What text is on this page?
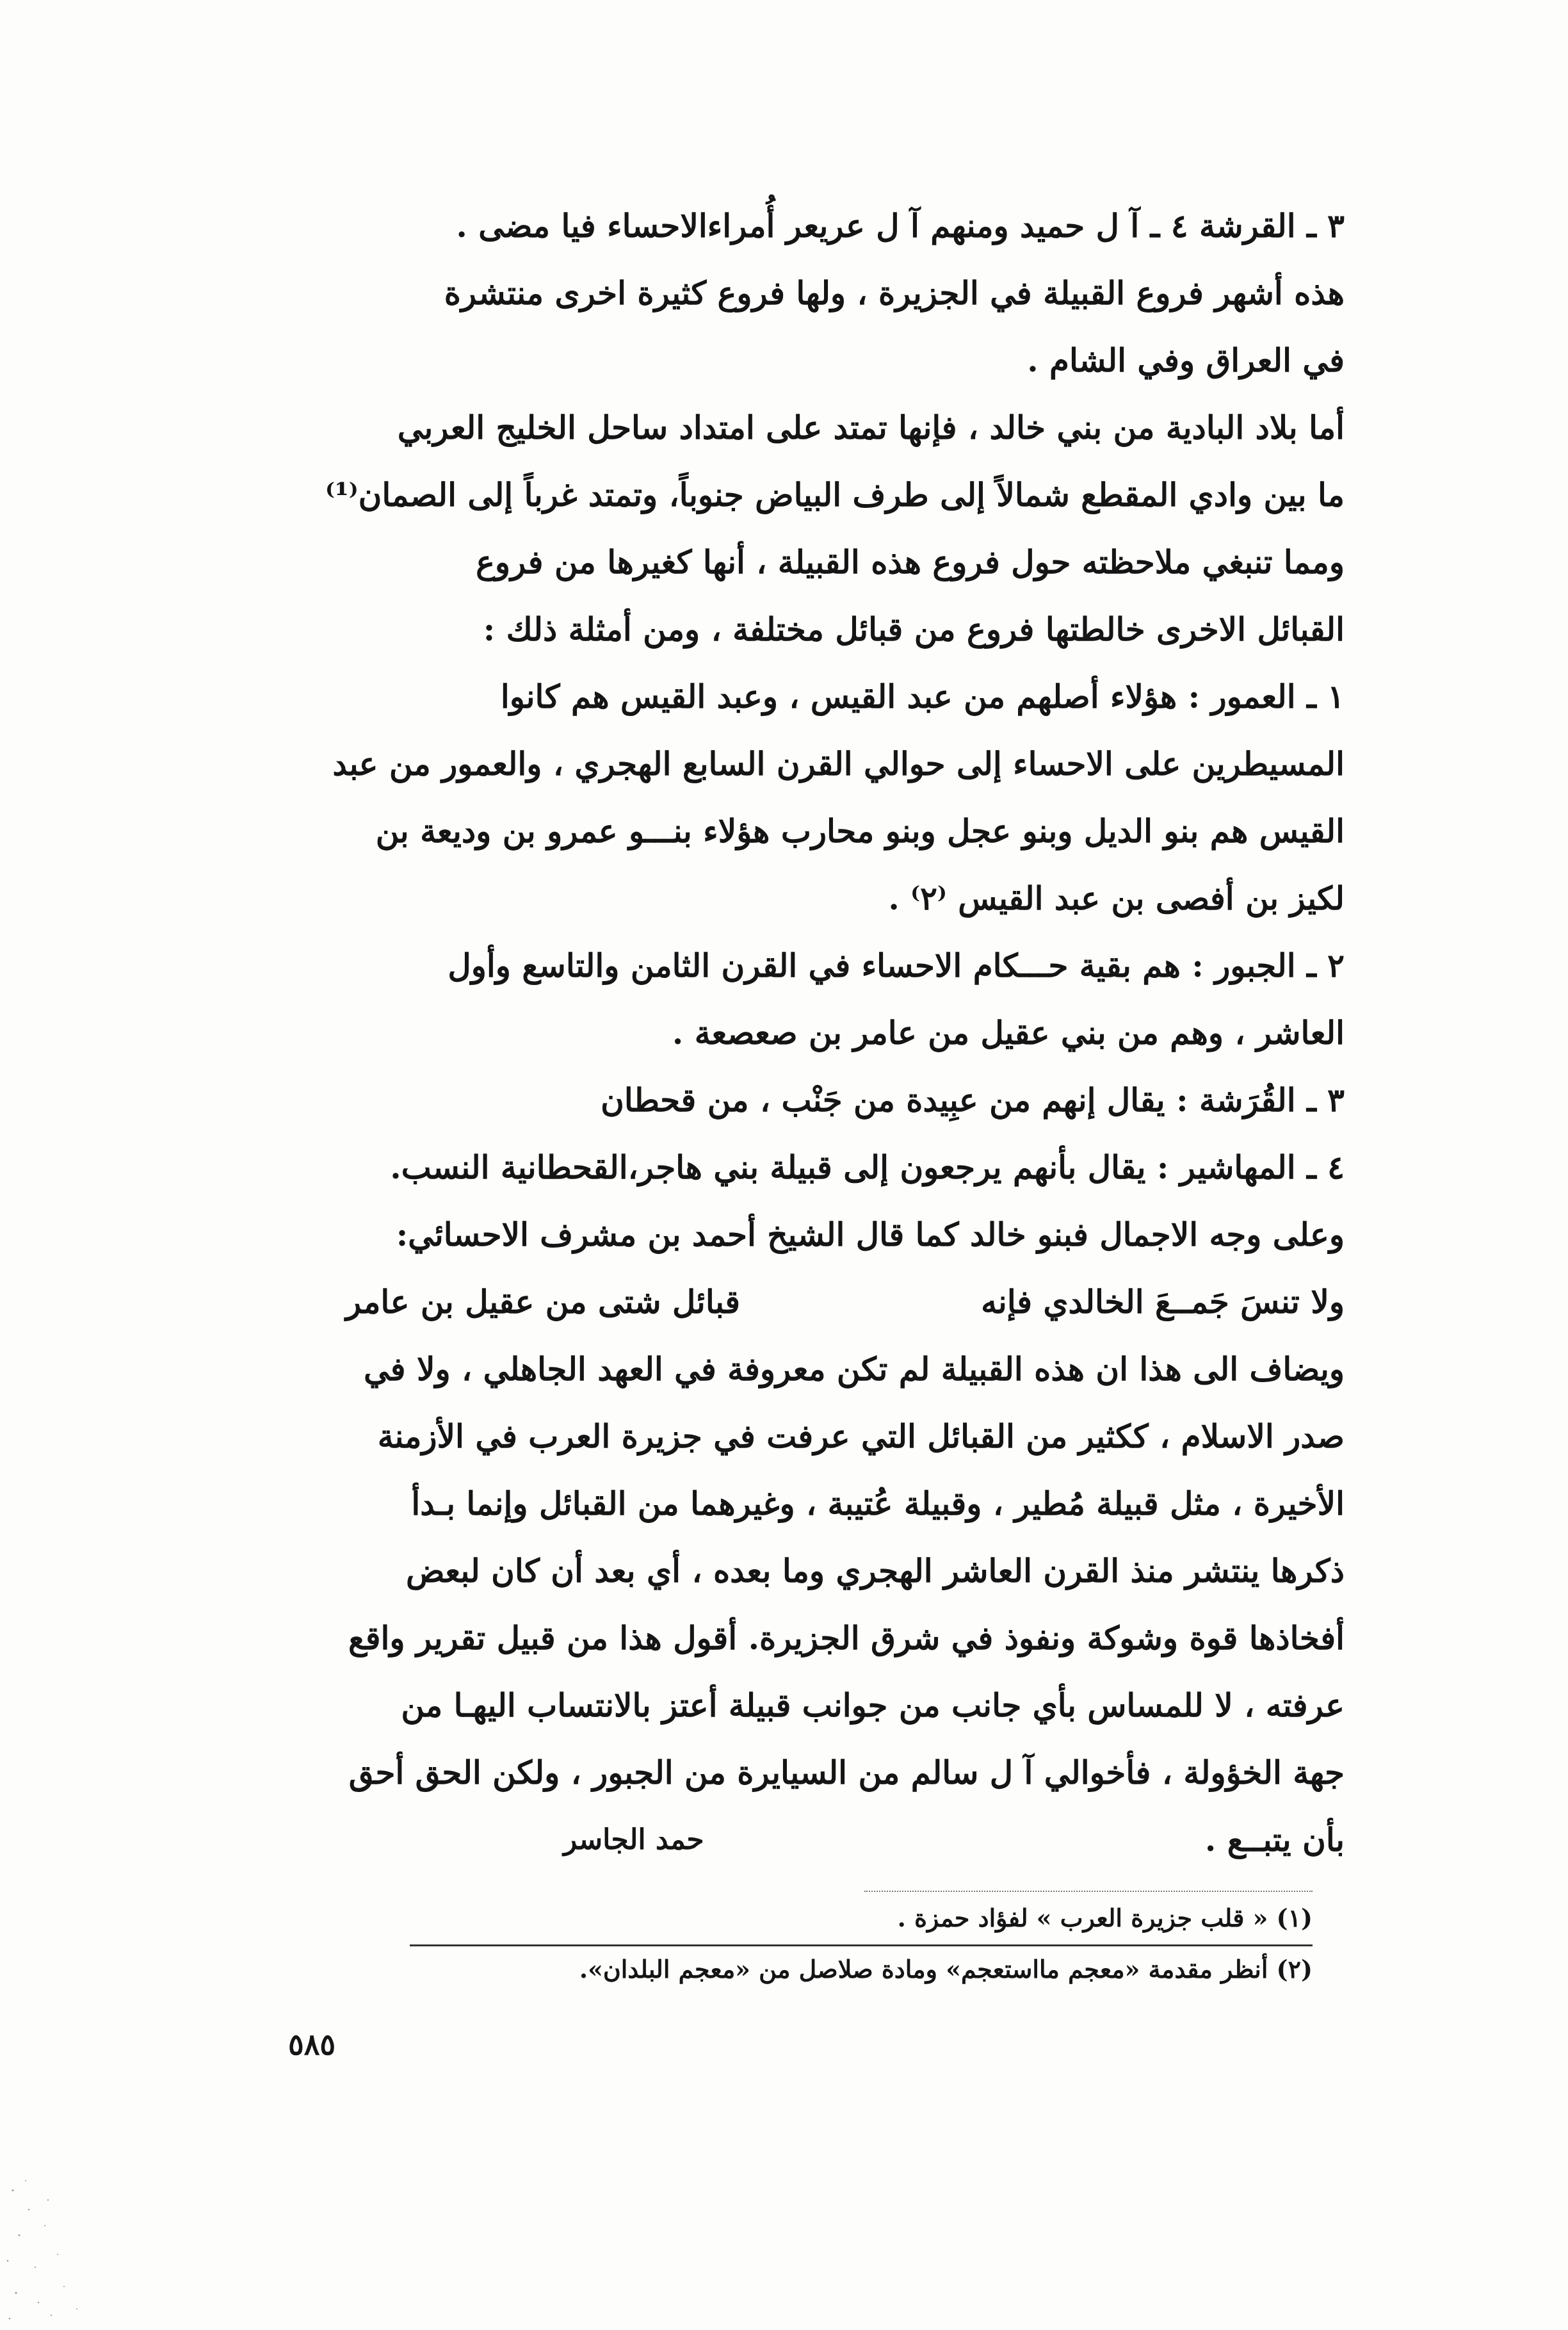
٣ ـ القرشة ٤ ـ آ ل حميد ومنهم آ ل عريعر أُمراءالاحساء فيا مضى .
هذه أشهر فروع القبيلة في الجزيرة ، ولها فروع كثيرة اخرى منتشرة
في العراق وفي الشام .
أما بلاد البادية من بني خالد ، فإنها تمتد على امتداد ساحل الخليج العربي
ما بين وادي المقطع شمالاً إلى طرف البياض جنوباً، وتمتد غرباً إلى الصمان⁽¹⁾
ومما تنبغي ملاحظته حول فروع هذه القبيلة ، أنها كغيرها من فروع
القبائل الاخرى خالطتها فروع من قبائل مختلفة ، ومن أمثلة ذلك :
١ ـ العمور : هؤلاء أصلهم من عبد القيس ، وعبد القيس هم كانوا
المسيطرين على الاحساء إلى حوالي القرن السابع الهجري ، والعمور من عبد
القيس هم بنو الديل وبنو عجل وبنو محارب هؤلاء بنـــو عمرو بن وديعة بن
لكيز بن أفصى بن عبد القيس ⁽٢⁾ .
٢ ـ الجبور : هم بقية حـــكام الاحساء في القرن الثامن والتاسع وأول
العاشر ، وهم من بني عقيل من عامر بن صعصعة .
٣ ـ القُرَشة : يقال إنهم من عبِيدة من جَنْب ، من قحطان
٤ ـ المهاشير : يقال بأنهم يرجعون إلى قبيلة بني هاجر،القحطانية النسب.
وعلى وجه الاجمال فبنو خالد كما قال الشيخ أحمد بن مشرف الاحسائي:
ولا تنسَ جَمــعَ الخالدي فإنه
قبائل شتى من عقيل بن عامر
ويضاف الى هذا ان هذه القبيلة لم تكن معروفة في العهد الجاهلي ، ولا في
صدر الاسلام ، ككثير من القبائل التي عرفت في جزيرة العرب في الأزمنة
الأخيرة ، مثل قبيلة مُطير ، وقبيلة عُتيبة ، وغيرهما من القبائل وإنما بـدأ
ذكرها ينتشر منذ القرن العاشر الهجري وما بعده ، أي بعد أن كان لبعض
أفخاذها قوة وشوكة ونفوذ في شرق الجزيرة. أقول هذا من قبيل تقرير واقع
عرفته ، لا للمساس بأي جانب من جوانب قبيلة أعتز بالانتساب اليهـا من
جهة الخؤولة ، فأخوالي آ ل سالم من السيايرة من الجبور ، ولكن الحق أحق
بأن يتبــع .
حمد الجاسر
(١) « قلب جزيرة العرب » لفؤاد حمزة .
(٢) أنظر مقدمة «معجم مااستعجم» ومادة صلاصل من «معجم البلدان».
٥٨٥
